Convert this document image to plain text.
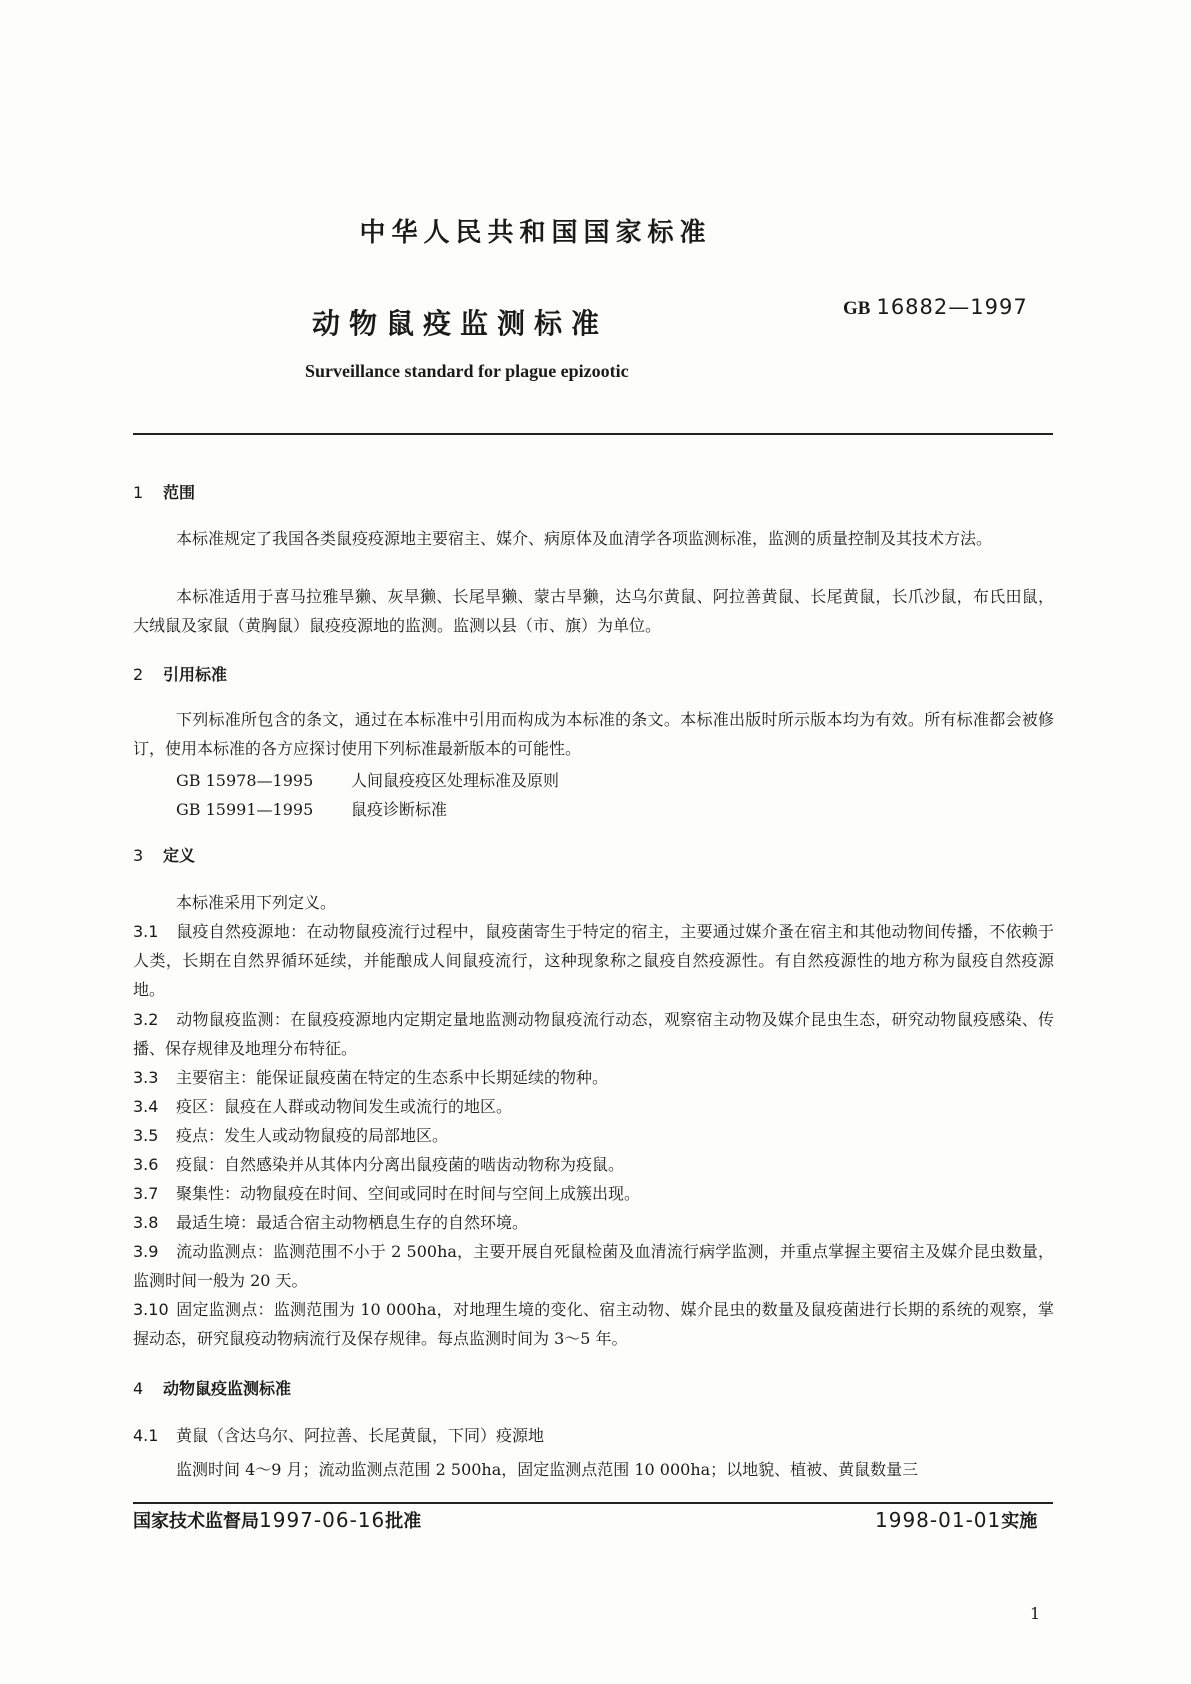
中华人民共和国国家标准
动物鼠疫监测标准	GB 16882—1997
Surveillance standard for plague epizootic
1 范围
本标准规定了我国各类鼠疫疫源地主要宿主、媒介、病原体及血清学各项监测标准，监测的质量控制及其技术方法。
本标准适用于喜马拉雅旱獭、灰旱獭、长尾旱獭、蒙古旱獭，达乌尔黄鼠、阿拉善黄鼠、长尾黄鼠，长爪沙鼠，布氏田鼠，大绒鼠及家鼠（黄胸鼠）鼠疫疫源地的监测。监测以县（市、旗）为单位。
2 引用标准
下列标准所包含的条文，通过在本标准中引用而构成为本标准的条文。本标准出版时所示版本均为有效。所有标准都会被修订，使用本标准的各方应探讨使用下列标准最新版本的可能性。
GB 15978—1995 人间鼠疫疫区处理标准及原则
GB 15991—1995 鼠疫诊断标准
3 定义
本标准采用下列定义。
3.1 鼠疫自然疫源地：在动物鼠疫流行过程中，鼠疫菌寄生于特定的宿主，主要通过媒介蚤在宿主和其他动物间传播，不依赖于人类，长期在自然界循环延续，并能酿成人间鼠疫流行，这种现象称之鼠疫自然疫源性。有自然疫源性的地方称为鼠疫自然疫源地。
3.2 动物鼠疫监测：在鼠疫疫源地内定期定量地监测动物鼠疫流行动态，观察宿主动物及媒介昆虫生态，研究动物鼠疫感染、传播、保存规律及地理分布特征。
3.3 主要宿主：能保证鼠疫菌在特定的生态系中长期延续的物种。
3.4 疫区：鼠疫在人群或动物间发生或流行的地区。
3.5 疫点：发生人或动物鼠疫的局部地区。
3.6 疫鼠：自然感染并从其体内分离出鼠疫菌的啮齿动物称为疫鼠。
3.7 聚集性：动物鼠疫在时间、空间或同时在时间与空间上成簇出现。
3.8 最适生境：最适合宿主动物栖息生存的自然环境。
3.9 流动监测点：监测范围不小于 2 500ha，主要开展自死鼠检菌及血清流行病学监测，并重点掌握主要宿主及媒介昆虫数量，监测时间一般为 20 天。
3.10 固定监测点：监测范围为 10 000ha，对地理生境的变化、宿主动物、媒介昆虫的数量及鼠疫菌进行长期的系统的观察，掌握动态，研究鼠疫动物病流行及保存规律。每点监测时间为 3～5 年。
4 动物鼠疫监测标准
4.1 黄鼠（含达乌尔、阿拉善、长尾黄鼠，下同）疫源地
监测时间 4～9 月；流动监测点范围 2 500ha，固定监测点范围 10 000ha；以地貌、植被、黄鼠数量三
国家技术监督局1997-06-16批准	1998-01-01实施
1
